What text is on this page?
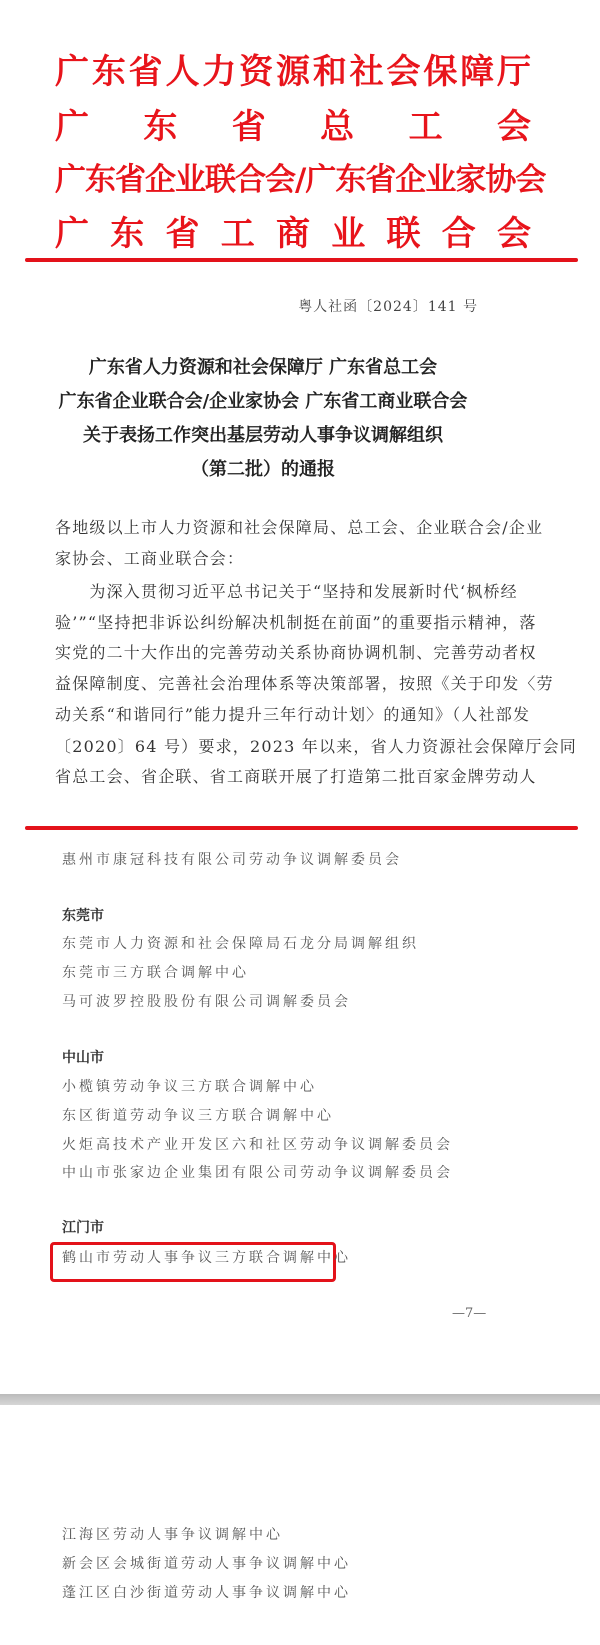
广东省人力资源和社会保障厅
广 东 省 总 工 会
广东省企业联合会/广东省企业家协会
广 东 省 工 商 业 联 合 会
粤人社函〔2024〕141 号
广东省人力资源和社会保障厅 广东省总工会
广东省企业联合会/企业家协会 广东省工商业联合会
关于表扬工作突出基层劳动人事争议调解组织
（第二批）的通报
各地级以上市人力资源和社会保障局、总工会、企业联合会/企业
家协会、工商业联合会：
　　为深入贯彻习近平总书记关于“坚持和发展新时代‘枫桥经
验’”“坚持把非诉讼纠纷解决机制挺在前面”的重要指示精神，落
实党的二十大作出的完善劳动关系协商协调机制、完善劳动者权
益保障制度、完善社会治理体系等决策部署，按照《关于印发〈劳
动关系“和谐同行”能力提升三年行动计划〉的通知》（人社部发
〔2020〕64 号）要求，2023 年以来，省人力资源社会保障厅会同
省总工会、省企联、省工商联开展了打造第二批百家金牌劳动人
惠州市康冠科技有限公司劳动争议调解委员会
东莞市
东莞市人力资源和社会保障局石龙分局调解组织
东莞市三方联合调解中心
马可波罗控股股份有限公司调解委员会
中山市
小榄镇劳动争议三方联合调解中心
东区街道劳动争议三方联合调解中心
火炬高技术产业开发区六和社区劳动争议调解委员会
中山市张家边企业集团有限公司劳动争议调解委员会
江门市
鹤山市劳动人事争议三方联合调解中心
—7—
江海区劳动人事争议调解中心
新会区会城街道劳动人事争议调解中心
蓬江区白沙街道劳动人事争议调解中心
